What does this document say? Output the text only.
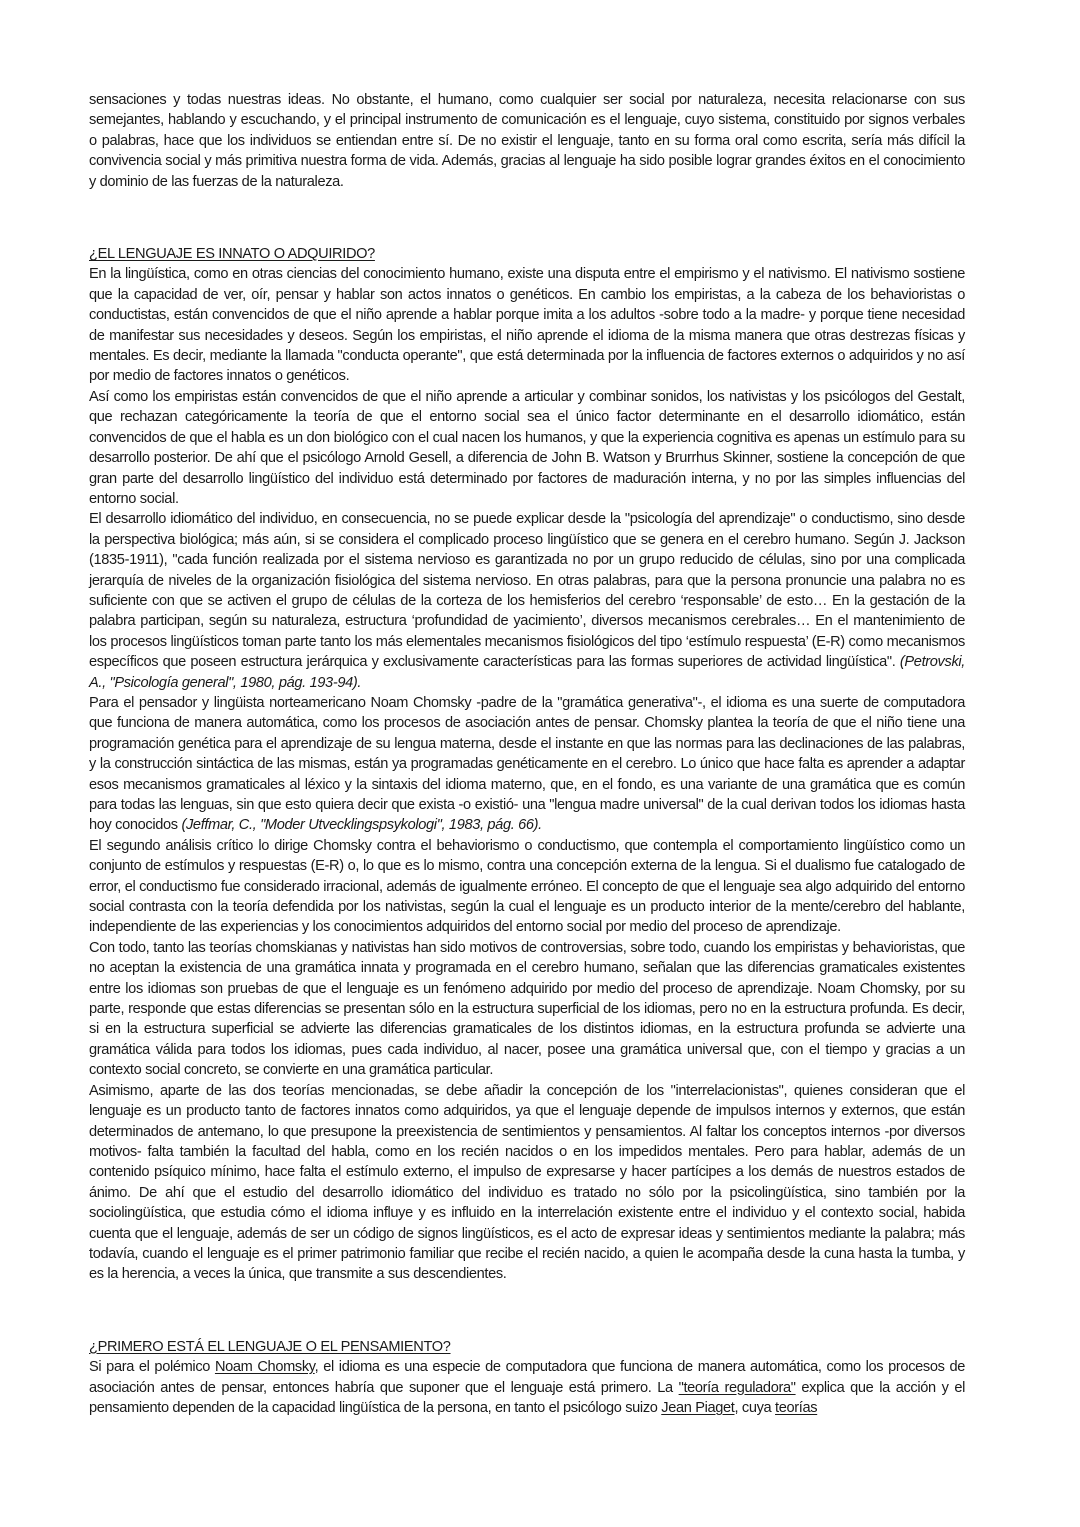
sensaciones y todas nuestras ideas. No obstante, el humano, como cualquier ser social por naturaleza, necesita relacionarse con sus semejantes, hablando y escuchando, y el principal instrumento de comunicación es el lenguaje, cuyo sistema, constituido por signos verbales o palabras, hace que los individuos se entiendan entre sí. De no existir el lenguaje, tanto en su forma oral como escrita, sería más difícil la convivencia social y más primitiva nuestra forma de vida. Además, gracias al lenguaje ha sido posible lograr grandes éxitos en el conocimiento y dominio de las fuerzas de la naturaleza.

¿EL LENGUAJE ES INNATO O ADQUIRIDO?

En la lingüística, como en otras ciencias del conocimiento humano, existe una disputa entre el empirismo y el nativismo. El nativismo sostiene que la capacidad de ver, oír, pensar y hablar son actos innatos o genéticos. En cambio los empiristas, a la cabeza de los behavioristas o conductistas, están convencidos de que el niño aprende a hablar porque imita a los adultos -sobre todo a la madre- y porque tiene necesidad de manifestar sus necesidades y deseos. Según los empiristas, el niño aprende el idioma de la misma manera que otras destrezas físicas y mentales. Es decir, mediante la llamada "conducta operante", que está determinada por la influencia de factores externos o adquiridos y no así por medio de factores innatos o genéticos.

Así como los empiristas están convencidos de que el niño aprende a articular y combinar sonidos, los nativistas y los psicólogos del Gestalt, que rechazan categóricamente la teoría de que el entorno social sea el único factor determinante en el desarrollo idiomático, están convencidos de que el habla es un don biológico con el cual nacen los humanos, y que la experiencia cognitiva es apenas un estímulo para su desarrollo posterior. De ahí que el psicólogo Arnold Gesell, a diferencia de John B. Watson y Brurrhus Skinner, sostiene la concepción de que gran parte del desarrollo lingüístico del individuo está determinado por factores de maduración interna, y no por las simples influencias del entorno social.

El desarrollo idiomático del individuo, en consecuencia, no se puede explicar desde la "psicología del aprendizaje" o conductismo, sino desde la perspectiva biológica; más aún, si se considera el complicado proceso lingüístico que se genera en el cerebro humano. Según J. Jackson (1835-1911), "cada función realizada por el sistema nervioso es garantizada no por un grupo reducido de células, sino por una complicada jerarquía de niveles de la organización fisiológica del sistema nervioso. En otras palabras, para que la persona pronuncie una palabra no es suficiente con que se activen el grupo de células de la corteza de los hemisferios del cerebro ‘responsable’ de esto… En la gestación de la palabra participan, según su naturaleza, estructura ‘profundidad de yacimiento’, diversos mecanismos cerebrales… En el mantenimiento de los procesos lingüísticos toman parte tanto los más elementales mecanismos fisiológicos del tipo ‘estímulo respuesta’ (E-R) como mecanismos específicos que poseen estructura jerárquica y exclusivamente características para las formas superiores de actividad lingüística". (Petrovski, A., "Psicología general", 1980, pág. 193-94).

Para el pensador y lingüista norteamericano Noam Chomsky -padre de la "gramática generativa"-, el idioma es una suerte de computadora que funciona de manera automática, como los procesos de asociación antes de pensar. Chomsky plantea la teoría de que el niño tiene una programación genética para el aprendizaje de su lengua materna, desde el instante en que las normas para las declinaciones de las palabras, y la construcción sintáctica de las mismas, están ya programadas genéticamente en el cerebro. Lo único que hace falta es aprender a adaptar esos mecanismos gramaticales al léxico y la sintaxis del idioma materno, que, en el fondo, es una variante de una gramática que es común para todas las lenguas, sin que esto quiera decir que exista -o existió- una "lengua madre universal" de la cual derivan todos los idiomas hasta hoy conocidos (Jeffmar, C., "Moder Utvecklingspsykologi", 1983, pág. 66).

El segundo análisis crítico lo dirige Chomsky contra el behaviorismo o conductismo, que contempla el comportamiento lingüístico como un conjunto de estímulos y respuestas (E-R) o, lo que es lo mismo, contra una concepción externa de la lengua. Si el dualismo fue catalogado de error, el conductismo fue considerado irracional, además de igualmente erróneo. El concepto de que el lenguaje sea algo adquirido del entorno social contrasta con la teoría defendida por los nativistas, según la cual el lenguaje es un producto interior de la mente/cerebro del hablante, independiente de las experiencias y los conocimientos adquiridos del entorno social por medio del proceso de aprendizaje.

Con todo, tanto las teorías chomskianas y nativistas han sido motivos de controversias, sobre todo, cuando los empiristas y behavioristas, que no aceptan la existencia de una gramática innata y programada en el cerebro humano, señalan que las diferencias gramaticales existentes entre los idiomas son pruebas de que el lenguaje es un fenómeno adquirido por medio del proceso de aprendizaje. Noam Chomsky, por su parte, responde que estas diferencias se presentan sólo en la estructura superficial de los idiomas, pero no en la estructura profunda. Es decir, si en la estructura superficial se advierte las diferencias gramaticales de los distintos idiomas, en la estructura profunda se advierte una gramática válida para todos los idiomas, pues cada individuo, al nacer, posee una gramática universal que, con el tiempo y gracias a un contexto social concreto, se convierte en una gramática particular.

Asimismo, aparte de las dos teorías mencionadas, se debe añadir la concepción de los "interrelacionistas", quienes consideran que el lenguaje es un producto tanto de factores innatos como adquiridos, ya que el lenguaje depende de impulsos internos y externos, que están determinados de antemano, lo que presupone la preexistencia de sentimientos y pensamientos. Al faltar los conceptos internos -por diversos motivos- falta también la facultad del habla, como en los recién nacidos o en los impedidos mentales. Pero para hablar, además de un contenido psíquico mínimo, hace falta el estímulo externo, el impulso de expresarse y hacer partícipes a los demás de nuestros estados de ánimo. De ahí que el estudio del desarrollo idiomático del individuo es tratado no sólo por la psicolingüística, sino también por la sociolingüística, que estudia cómo el idioma influye y es influido en la interrelación existente entre el individuo y el contexto social, habida cuenta que el lenguaje, además de ser un código de signos lingüísticos, es el acto de expresar ideas y sentimientos mediante la palabra; más todavía, cuando el lenguaje es el primer patrimonio familiar que recibe el recién nacido, a quien le acompaña desde la cuna hasta la tumba, y es la herencia, a veces la única, que transmite a sus descendientes.

¿PRIMERO ESTÁ EL LENGUAJE O EL PENSAMIENTO?

Si para el polémico Noam Chomsky, el idioma es una especie de computadora que funciona de manera automática, como los procesos de asociación antes de pensar, entonces habría que suponer que el lenguaje está primero. La "teoría reguladora" explica que la acción y el pensamiento dependen de la capacidad lingüística de la persona, en tanto el psicólogo suizo Jean Piaget, cuya teorías
